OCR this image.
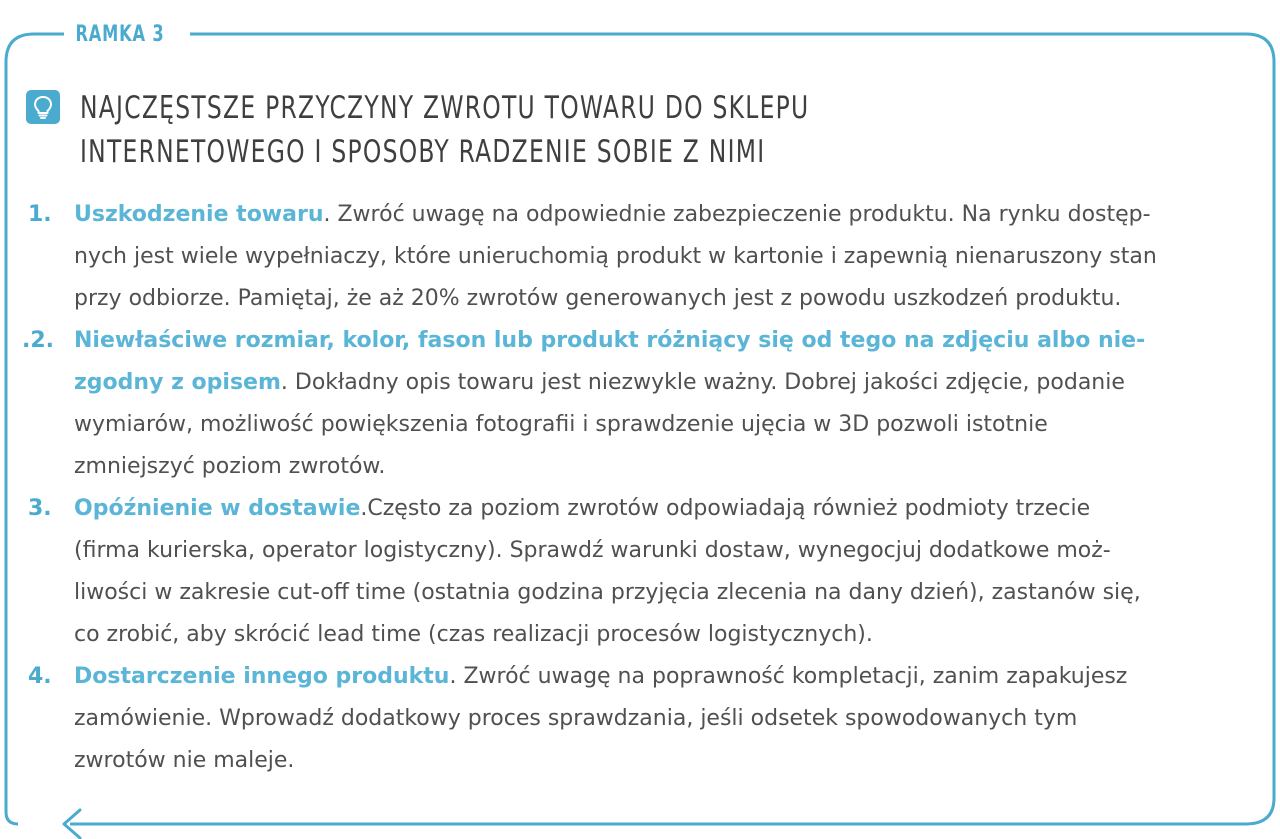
RAMKA 3
NAJCZĘSTSZE PRZYCZYNY ZWROTU TOWARU DO SKLEPU
INTERNETOWEGO I SPOSOBY RADZENIE SOBIE Z NIMI
1. Uszkodzenie towaru. Zwróć uwagę na odpowiednie zabezpieczenie produktu. Na rynku dostęp-
nych jest wiele wypełniaczy, które unieruchomią produkt w kartonie i zapewnią nienaruszony stan
przy odbiorze. Pamiętaj, że aż 20% zwrotów generowanych jest z powodu uszkodzeń produktu.
.2. Niewłaściwe rozmiar, kolor, fason lub produkt różniący się od tego na zdjęciu albo nie-
zgodny z opisem. Dokładny opis towaru jest niezwykle ważny. Dobrej jakości zdjęcie, podanie
wymiarów, możliwość powiększenia fotografii i sprawdzenie ujęcia w 3D pozwoli istotnie
zmniejszyć poziom zwrotów.
3. Opóźnienie w dostawie.Często za poziom zwrotów odpowiadają również podmioty trzecie
(firma kurierska, operator logistyczny). Sprawdź warunki dostaw, wynegocjuj dodatkowe moż-
liwości w zakresie cut-off time (ostatnia godzina przyjęcia zlecenia na dany dzień), zastanów się,
co zrobić, aby skrócić lead time (czas realizacji procesów logistycznych).
4. Dostarczenie innego produktu. Zwróć uwagę na poprawność kompletacji, zanim zapakujesz
zamówienie. Wprowadź dodatkowy proces sprawdzania, jeśli odsetek spowodowanych tym
zwrotów nie maleje.
